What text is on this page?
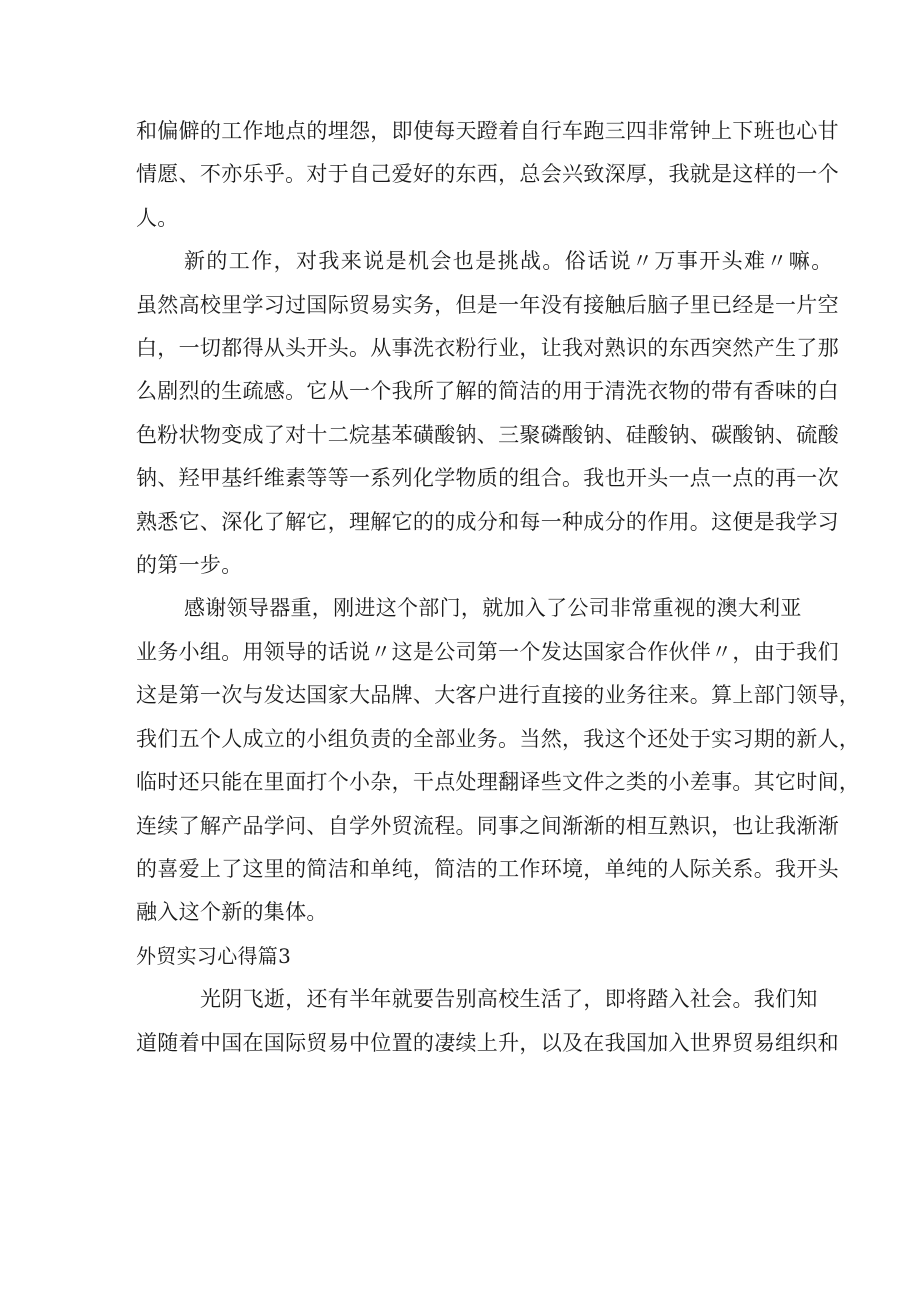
和偏僻的工作地点的埋怨，即使每天蹬着自行车跑三四非常钟上下班也心甘
情愿、不亦乐乎。对于自己爱好的东西，总会兴致深厚，我就是这样的一个
人。
新的工作，对我来说是机会也是挑战。俗话说〃万事开头难〃嘛。
虽然高校里学习过国际贸易实务，但是一年没有接触后脑子里已经是一片空
白，一切都得从头开头。从事洗衣粉行业，让我对熟识的东西突然产生了那
么剧烈的生疏感。它从一个我所了解的简洁的用于清洗衣物的带有香味的白
色粉状物变成了对十二烷基苯磺酸钠、三聚磷酸钠、硅酸钠、碳酸钠、硫酸
钠、羟甲基纤维素等等一系列化学物质的组合。我也开头一点一点的再一次
熟悉它、深化了解它，理解它的的成分和每一种成分的作用。这便是我学习
的第一步。
感谢领导器重，刚进这个部门，就加入了公司非常重视的澳大利亚
业务小组。用领导的话说〃这是公司第一个发达国家合作伙伴〃，由于我们
这是第一次与发达国家大品牌、大客户进行直接的业务往来。算上部门领导，
我们五个人成立的小组负责的全部业务。当然，我这个还处于实习期的新人，
临时还只能在里面打个小杂，干点处理翻译些文件之类的小差事。其它时间，
连续了解产品学问、自学外贸流程。同事之间渐渐的相互熟识，也让我渐渐
的喜爱上了这里的简洁和单纯，简洁的工作环境，单纯的人际关系。我开头
融入这个新的集体。
外贸实习心得篇3
光阴飞逝，还有半年就要告别高校生活了，即将踏入社会。我们知
道随着中国在国际贸易中位置的凄续上升，以及在我国加入世界贸易组织和
